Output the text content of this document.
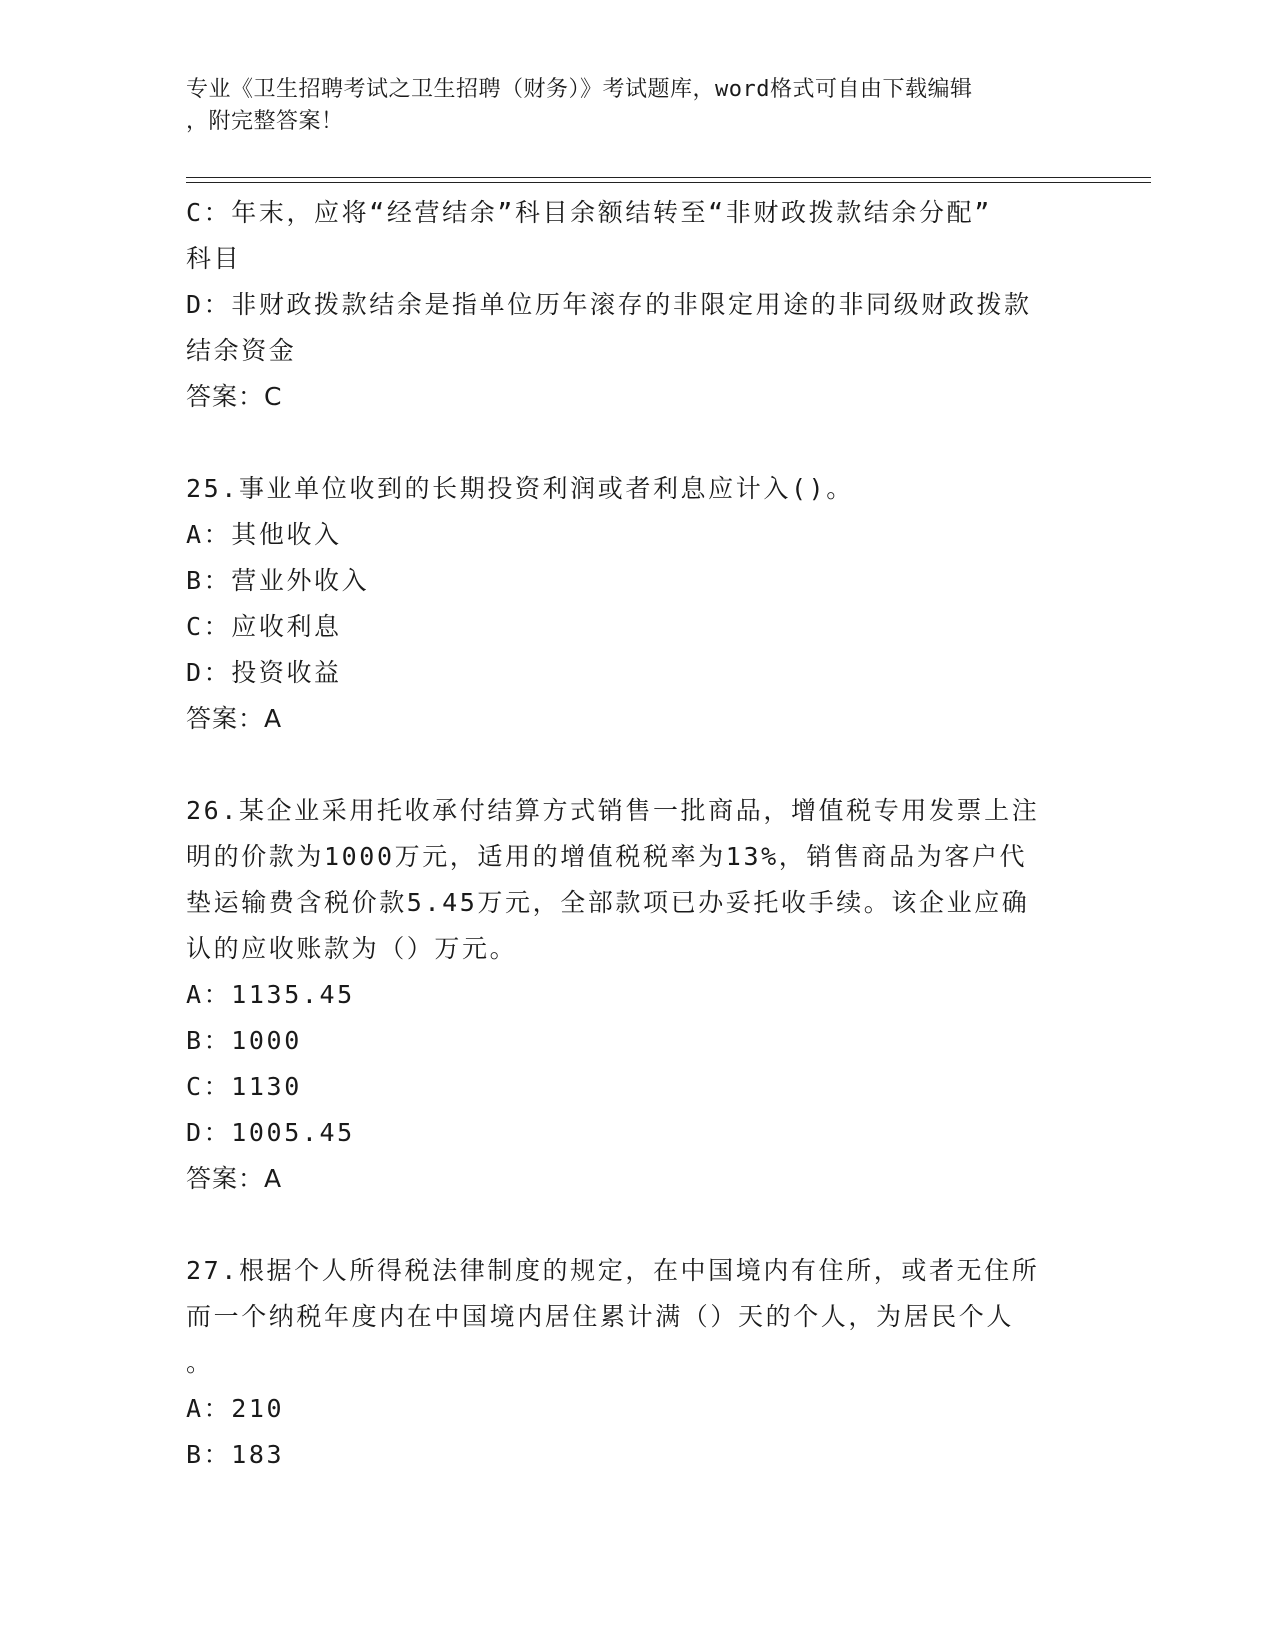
专业《卫生招聘考试之卫生招聘（财务）》考试题库，word格式可自由下载编辑
，附完整答案！

C：年末，应将“经营结余”科目余额结转至“非财政拨款结余分配”

科目

D：非财政拨款结余是指单位历年滚存的非限定用途的非同级财政拨款

结余资金

答案：C

25.事业单位收到的长期投资利润或者利息应计入()。

A：其他收入

B：营业外收入

C：应收利息

D：投资收益

答案：A

26.某企业采用托收承付结算方式销售一批商品，增值税专用发票上注

明的价款为1000万元，适用的增值税税率为13%，销售商品为客户代

垫运输费含税价款5.45万元，全部款项已办妥托收手续。该企业应确

认的应收账款为（）万元。

A：1135.45

B：1000

C：1130

D：1005.45

答案：A

27.根据个人所得税法律制度的规定，在中国境内有住所，或者无住所

而一个纳税年度内在中国境内居住累计满（）天的个人，为居民个人

。

A：210

B：183
